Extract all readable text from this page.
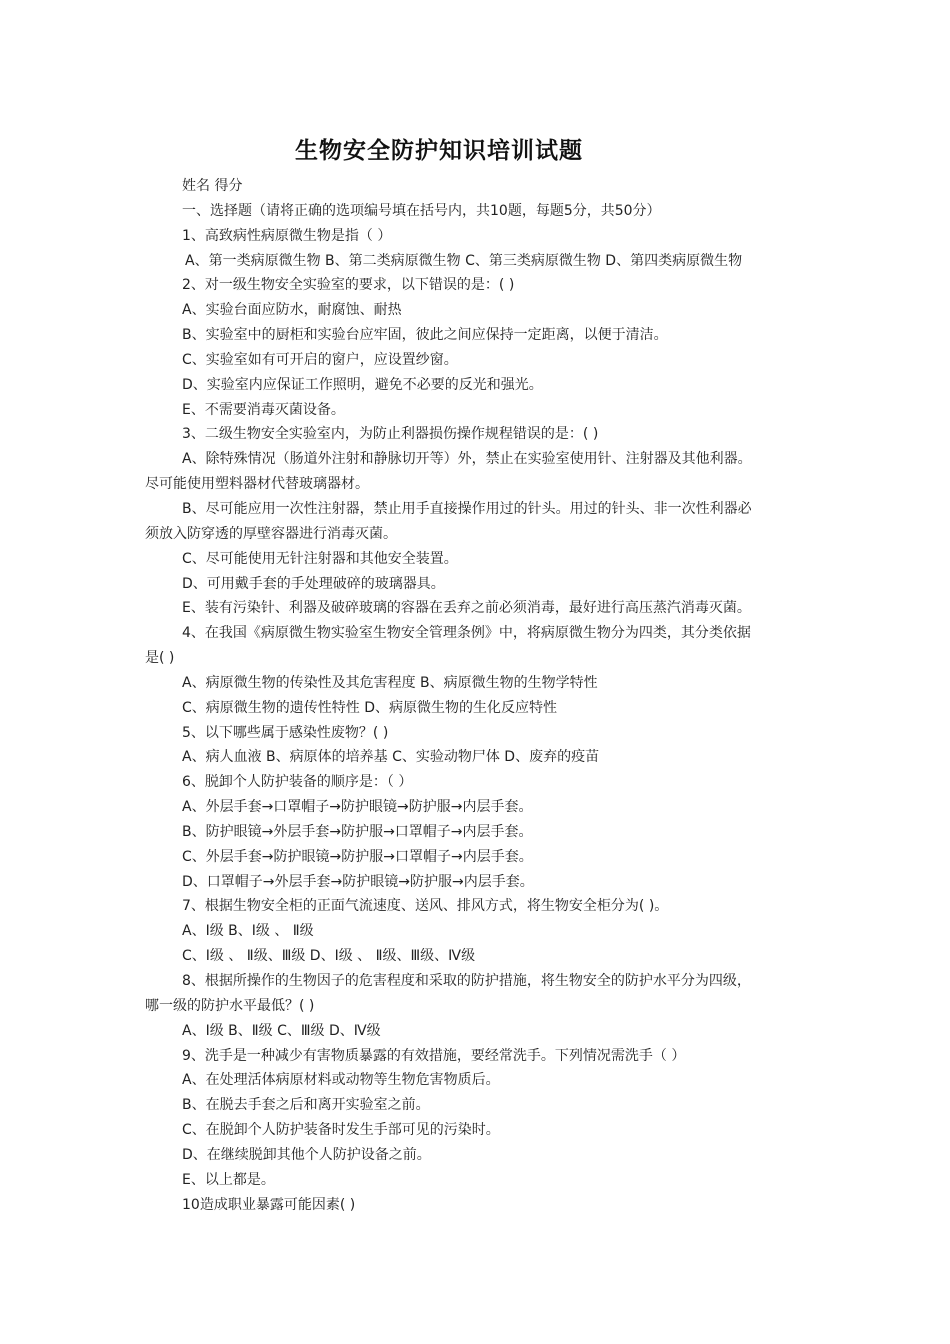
生物安全防护知识培训试题
姓名 得分
一、选择题（请将正确的选项编号填在括号内，共10题，每题5分，共50分）
1、高致病性病原微生物是指（ ）
A、第一类病原微生物 B、第二类病原微生物 C、第三类病原微生物 D、第四类病原微生物
2、对一级生物安全实验室的要求，以下错误的是：( )
A、实验台面应防水，耐腐蚀、耐热
B、实验室中的厨柜和实验台应牢固，彼此之间应保持一定距离，以便于清洁。
C、实验室如有可开启的窗户，应设置纱窗。
D、实验室内应保证工作照明，避免不必要的反光和强光。
E、不需要消毒灭菌设备。
3、二级生物安全实验室内，为防止利器损伤操作规程错误的是：( )
A、除特殊情况（肠道外注射和静脉切开等）外，禁止在实验室使用针、注射器及其他利器。
尽可能使用塑料器材代替玻璃器材。
B、尽可能应用一次性注射器，禁止用手直接操作用过的针头。用过的针头、非一次性利器必
须放入防穿透的厚壁容器进行消毒灭菌。
C、尽可能使用无针注射器和其他安全装置。
D、可用戴手套的手处理破碎的玻璃器具。
E、装有污染针、利器及破碎玻璃的容器在丢弃之前必须消毒，最好进行高压蒸汽消毒灭菌。
4、在我国《病原微生物实验室生物安全管理条例》中，将病原微生物分为四类，其分类依据
是( )
A、病原微生物的传染性及其危害程度 B、病原微生物的生物学特性
C、病原微生物的遗传性特性 D、病原微生物的生化反应特性
5、以下哪些属于感染性废物？( )
A、病人血液 B、病原体的培养基 C、实验动物尸体 D、废弃的疫苗
6、脱卸个人防护装备的顺序是：（ ）
A、外层手套→口罩帽子→防护眼镜→防护服→内层手套。
B、防护眼镜→外层手套→防护服→口罩帽子→内层手套。
C、外层手套→防护眼镜→防护服→口罩帽子→内层手套。
D、口罩帽子→外层手套→防护眼镜→防护服→内层手套。
7、根据生物安全柜的正面气流速度、送风、排风方式，将生物安全柜分为( )。
A、Ⅰ级 B、Ⅰ级 、 Ⅱ级
C、Ⅰ级 、 Ⅱ级、Ⅲ级 D、Ⅰ级 、 Ⅱ级、Ⅲ级、Ⅳ级
8、根据所操作的生物因子的危害程度和采取的防护措施，将生物安全的防护水平分为四级，
哪一级的防护水平最低？( )
A、Ⅰ级 B、Ⅱ级 C、Ⅲ级 D、Ⅳ级
9、洗手是一种减少有害物质暴露的有效措施，要经常洗手。下列情况需洗手（ ）
A、在处理活体病原材料或动物等生物危害物质后。
B、在脱去手套之后和离开实验室之前。
C、在脱卸个人防护装备时发生手部可见的污染时。
D、在继续脱卸其他个人防护设备之前。
E、以上都是。
10造成职业暴露可能因素( )
